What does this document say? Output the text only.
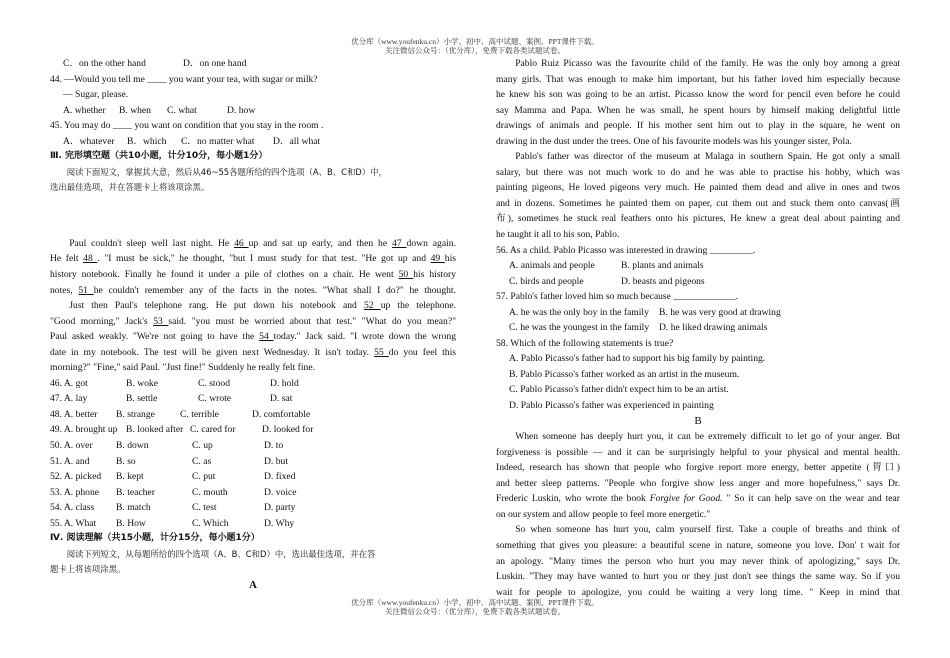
优分库（www.youfenku.cn）小学、初中、高中试题、案例、PPT课件下载。
关注微信公众号：（优分库），免费下载各类试题试卷。
C．on the other hand	D．on one hand
44. —Would you tell me ____ you want your tea, with sugar or milk?
— Sugar, please.
A. whether B. when C. what	D. how
45. You may do ____ you want on condition that you stay in the room .
A．whatever B．which C．no matter what D．all what
Ⅲ. 完形填空题（共10小题，计分10分，每小题1分）
阅读下面短文，掌握其大意，然后从46~55各题所给的四个选项（A、B、C和D）中，
选出最佳选项，并在答题卡上将该项涂黑。
Paul couldn't sleep well last night. He 46 up and sat up early, and then he 47 down again.
He felt 48 . "I must be sick," he thought, "but I must study for that test. "He got up and 49 his
history notebook. Finally he found it under a pile of clothes on a chair. He went 50 his history
notes, 51 he couldn't remember any of the facts in the notes. "What shall I do?" he thought.
Just then Paul's telephone rang. He put down his notebook and 52 up the telephone.
"Good morning," Jack's 53 said. "you must be worried about that test." "What do you mean?"
Paul asked weakly. "We're not going to have the 54 today." Jack said. "I wrote down the wrong
date in my notebook. The test will be given next Wednesday. It isn't today. 55 do you feel this
morning?" "Fine," said Paul. "Just fine!" Suddenly he really felt fine.
46. A. got	B. woke	C. stood	D. hold
47. A. lay	B. settle	C. wrote	D. sat
48. A. better B. strange	C. terrible	D. comfortable
49. A. brought up B. looked after C. cared for	D. looked for
50. A. over B. down	C. up	D. to
51. A. and	B. so	C. as	D. but
52. A. picked B. kept	C. put	D. fixed
53. A. phone B. teacher	C. mouth	D. voice
54. A. class B. match	C. test	D. party
55. A. What B. How	C. Which	D. Why
Ⅳ. 阅读理解（共15小题，计分15分，每小题1分）
阅读下列短文，从每题所给的四个选项（A、B、C和D）中，选出最佳选项，并在答
题卡上将该项涂黑。
A
Pablo Ruiz Picasso was the favourite child of the family. He was the only boy among a great
many girls. That was enough to make him important, but his father loved him especially because
he knew his son was going to be an artist. Picasso know the word for pencil even before he could
say Mamma and Papa. When he was small, he spent hours by himself making delightful little
drawings of animals and people. If his mother sent him out to play in the square, he went on
drawing in the dust under the trees. One of his favourite models was his younger sister, Pola.
Pablo's father was director of the museum at Malaga in southern Spain. He got only a small
salary, but there was not much work to do and he was able to practise his hobby, which was
painting pigeons, He loved pigeons very much. He painted them dead and alive in ones and twos
and in dozens. Sometimes he painted them on paper, cut them out and stuck them onto canvas(画
布), sometimes he stuck real feathers onto his pictures, He knew a great deal about painting and
he taught it all to his son, Pablo.
56. As a child. Pablo Picasso was interested in drawing _________.
A. animals and people	B. plants and animals
C. birds and people	D. beasts and pigeons
57. Pablo's father loved him so much because _____________.
A. he was the only boy in the family B. he was very good at drawing
C. he was the youngest in the family D. he liked drawing animals
58. Which of the following statements is true?
A. Pablo Picasso's father had to support his big family by painting.
B. Pablo Picasso's father worked as an artist in the museum.
C. Pablo Picasso's father didn't expect him to be an artist.
D. Pablo Picasso's father was experienced in painting
B
When someone has deeply hurt you, it can be extremely difficult to let go of your anger. But
forgiveness is possible — and it can be surprisingly helpful to your physical and mental health.
Indeed, research has shown that people who forgive report more energy, better appetite (胃口)
and better sleep patterns. "People who forgive show less anger and more hopefulness," says Dr.
Frederic Luskin, who wrote the book Forgive for Good. " So it can help save on the wear and tear
on our system and allow people to feel more energetic."
So when someone has hurt you, calm yourself first. Take a couple of breaths and think of
something that gives you pleasure: a beautiful scene in nature, someone you love. Don' t wait for
an apology. "Many times the person who hurt you may never think of apologizing," says Dr.
Luskin. "They may have wanted to hurt you or they just don't see things the same way. So if you
wait for people to apologize, you could be waiting a very long time. " Keep in mind that
优分库（www.youfenku.cn）小学、初中、高中试题、案例、PPT课件下载。
关注微信公众号：（优分库），免费下载各类试题试卷。
